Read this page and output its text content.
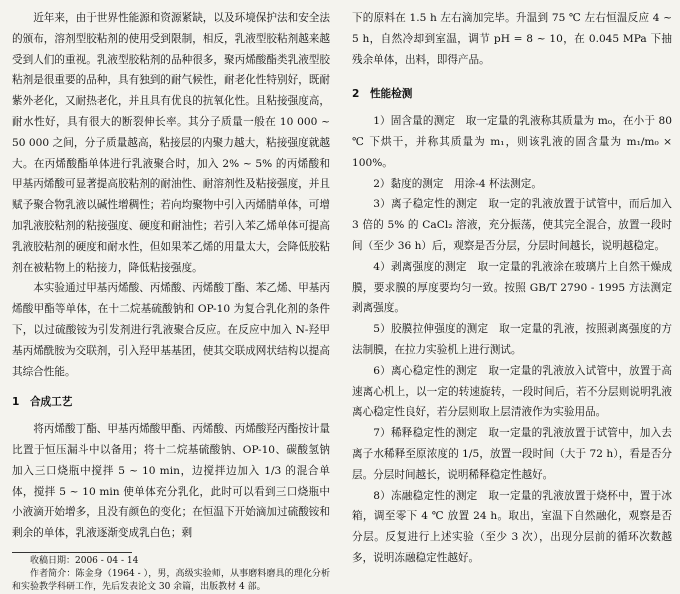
近年来，由于世界性能源和资源紧缺，以及环境保护法和安全法的颁布，溶剂型胶粘剂的使用受到限制，相反，乳液型胶粘剂越来越受到人们的重视。乳液型胶粘剂的品种很多，聚丙烯酸酯类乳液型胶粘剂是很重要的品种，具有独到的耐气候性，耐老化性特别好，既耐紫外老化，又耐热老化，并且具有优良的抗氧化性。且粘接强度高，耐水性好，具有很大的断裂伸长率。其分子质量一般在 10 000 ~ 50 000 之间，分子质量越高，粘接层的内聚力越大，粘接强度就越大。在丙烯酸酯单体进行乳液聚合时，加入 2% ~ 5% 的丙烯酸和甲基丙烯酸可显著提高胶粘剂的耐油性、耐溶剂性及粘接强度，并且赋予聚合物乳液以碱性增稠性；若向均聚物中引入丙烯腈单体，可增加乳液胶粘剂的粘接强度、硬度和耐油性；若引入苯乙烯单体可提高乳液胶粘剂的硬度和耐水性，但如果苯乙烯的用量太大，会降低胶粘剂在被粘物上的粘接力，降低粘接强度。

本实验通过甲基丙烯酸、丙烯酸、丙烯酸丁酯、苯乙烯、甲基丙烯酸甲酯等单体，在十二烷基硫酸钠和 OP-10 为复合乳化剂的条件下，以过硫酸铵为引发剂进行乳液聚合反应。在反应中加入 N-羟甲基丙烯酰胺为交联剂，引入羟甲基基团，使其交联成网状结构以提高其综合性能。

1　合成工艺

将丙烯酸丁酯、甲基丙烯酸甲酯、丙烯酸、丙烯酸羟丙酯按计量比置于恒压漏斗中以备用；将十二烷基硫酸钠、OP-10、碳酸氢钠加入三口烧瓶中搅拌 5 ~ 10 min，边搅拌边加入 1/3 的混合单体，搅拌 5 ~ 10 min 使单体充分乳化，此时可以看到三口烧瓶中小液滴开始增多，且没有颜色的变化；在恒温下开始滴加过硫酸铵和剩余的单体，乳液逐渐变成乳白色；剩

收稿日期：2006 - 04 - 14

作者简介：陈金身（1964 - ），男，高级实验师，从事磨料磨具的理化分析和实验教学科研工作，先后发表论文 30 余篇，出版教材 4 部。

下的原料在 1.5 h 左右滴加完毕。升温到 75 ℃ 左右恒温反应 4 ~ 5 h，自然冷却到室温，调节 pH = 8 ~ 10，在 0.045 MPa 下抽残余单体，出料，即得产品。

2　性能检测

1）固含量的测定　取一定量的乳液称其质量为 m₀，在小于 80 ℃ 下烘干，并称其质量为 m₁，则该乳液的固含量为 m₁/m₀ × 100%。

2）黏度的测定　用涂-4 杯法测定。

3）离子稳定性的测定　取一定的乳液放置于试管中，而后加入 3 倍的 5% 的 CaCl₂ 溶液，充分振荡，使其完全混合，放置一段时间（至少 36 h）后，观察是否分层，分层时间越长，说明越稳定。

4）剥离强度的测定　取一定量的乳液涂在玻璃片上自然干燥成膜，要求膜的厚度要均匀一致。按照 GB/T 2790 - 1995 方法测定剥离强度。

5）胶膜拉伸强度的测定　取一定量的乳液，按照剥离强度的方法制膜，在拉力实验机上进行测试。

6）离心稳定性的测定　取一定量的乳液放入试管中，放置于高速离心机上，以一定的转速旋转，一段时间后，若不分层则说明乳液离心稳定性良好，若分层则取上层清液作为实验用品。

7）稀释稳定性的测定　取一定量的乳液放置于试管中，加入去离子水稀释至原浓度的 1/5，放置一段时间（大于 72 h），看是否分层。分层时间越长，说明稀释稳定性越好。

8）冻融稳定性的测定　取一定量的乳液放置于烧杯中，置于冰箱，调至零下 4 ℃ 放置 24 h。取出，室温下自然融化，观察是否分层。反复进行上述实验（至少 3 次），出现分层前的循环次数越多，说明冻融稳定性越好。
